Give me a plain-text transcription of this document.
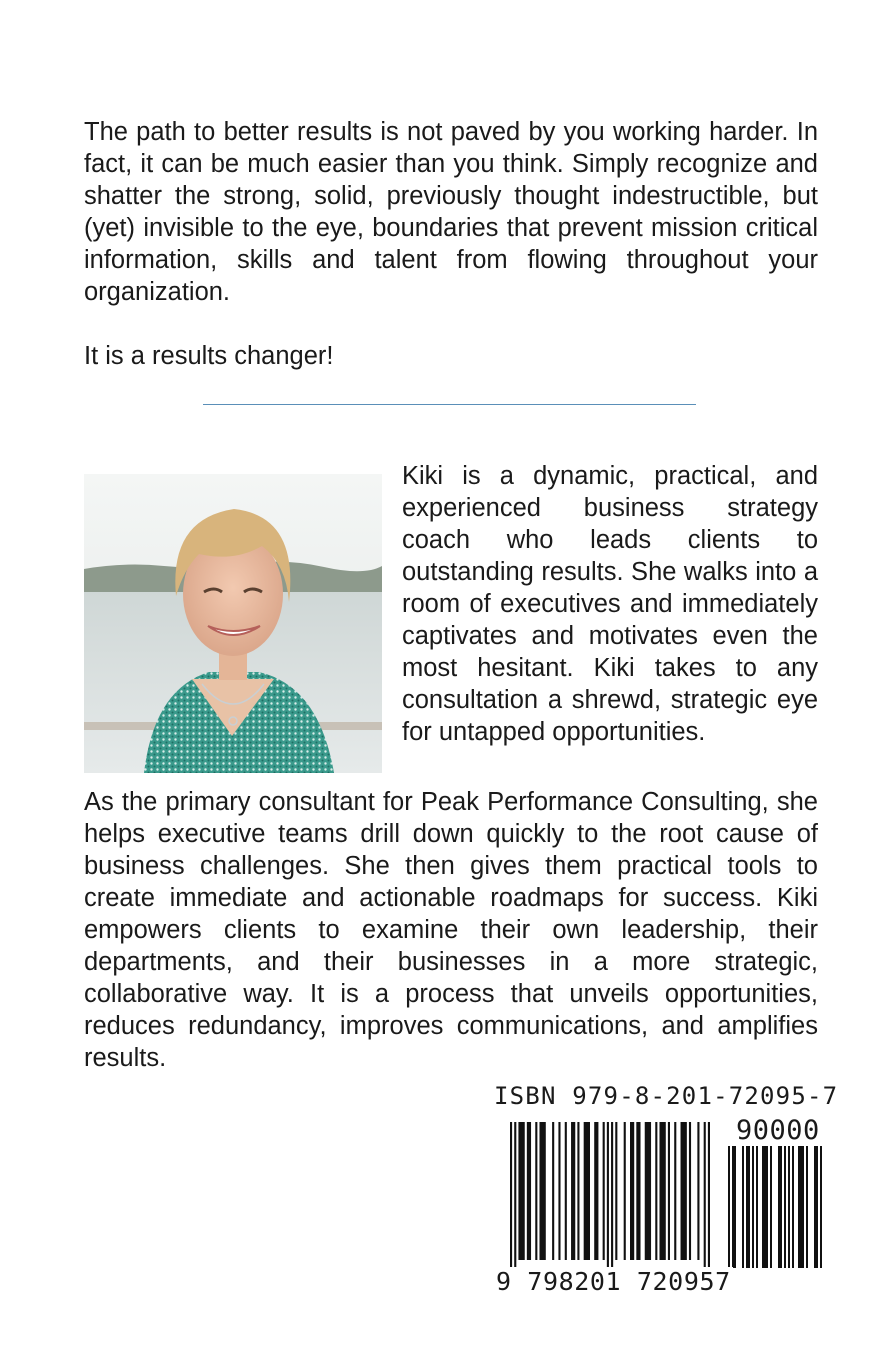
The path to better results is not paved by you working harder. In fact, it can be much easier than you think. Simply recognize and shatter the strong, solid, previously thought indestructible, but (yet) invisible to the eye, boundaries that prevent mission critical information, skills and talent from flowing throughout your organization.

It is a results changer!

Kiki is a dynamic, practical, and experienced business strategy coach who leads clients to outstanding results. She walks into a room of executives and immediately captivates and motivates even the most hesitant. Kiki takes to any consultation a shrewd, strategic eye for untapped opportunities.

As the primary consultant for Peak Performance Consulting, she helps executive teams drill down quickly to the root cause of business challenges. She then gives them practical tools to create immediate and actionable roadmaps for success. Kiki empowers clients to examine their own leadership, their departments, and their businesses in a more strategic, collaborative way. It is a process that unveils opportunities, reduces redundancy, improves communications, and amplifies results.

ISBN 979-8-201-72095-7
90000
9 798201 720957
